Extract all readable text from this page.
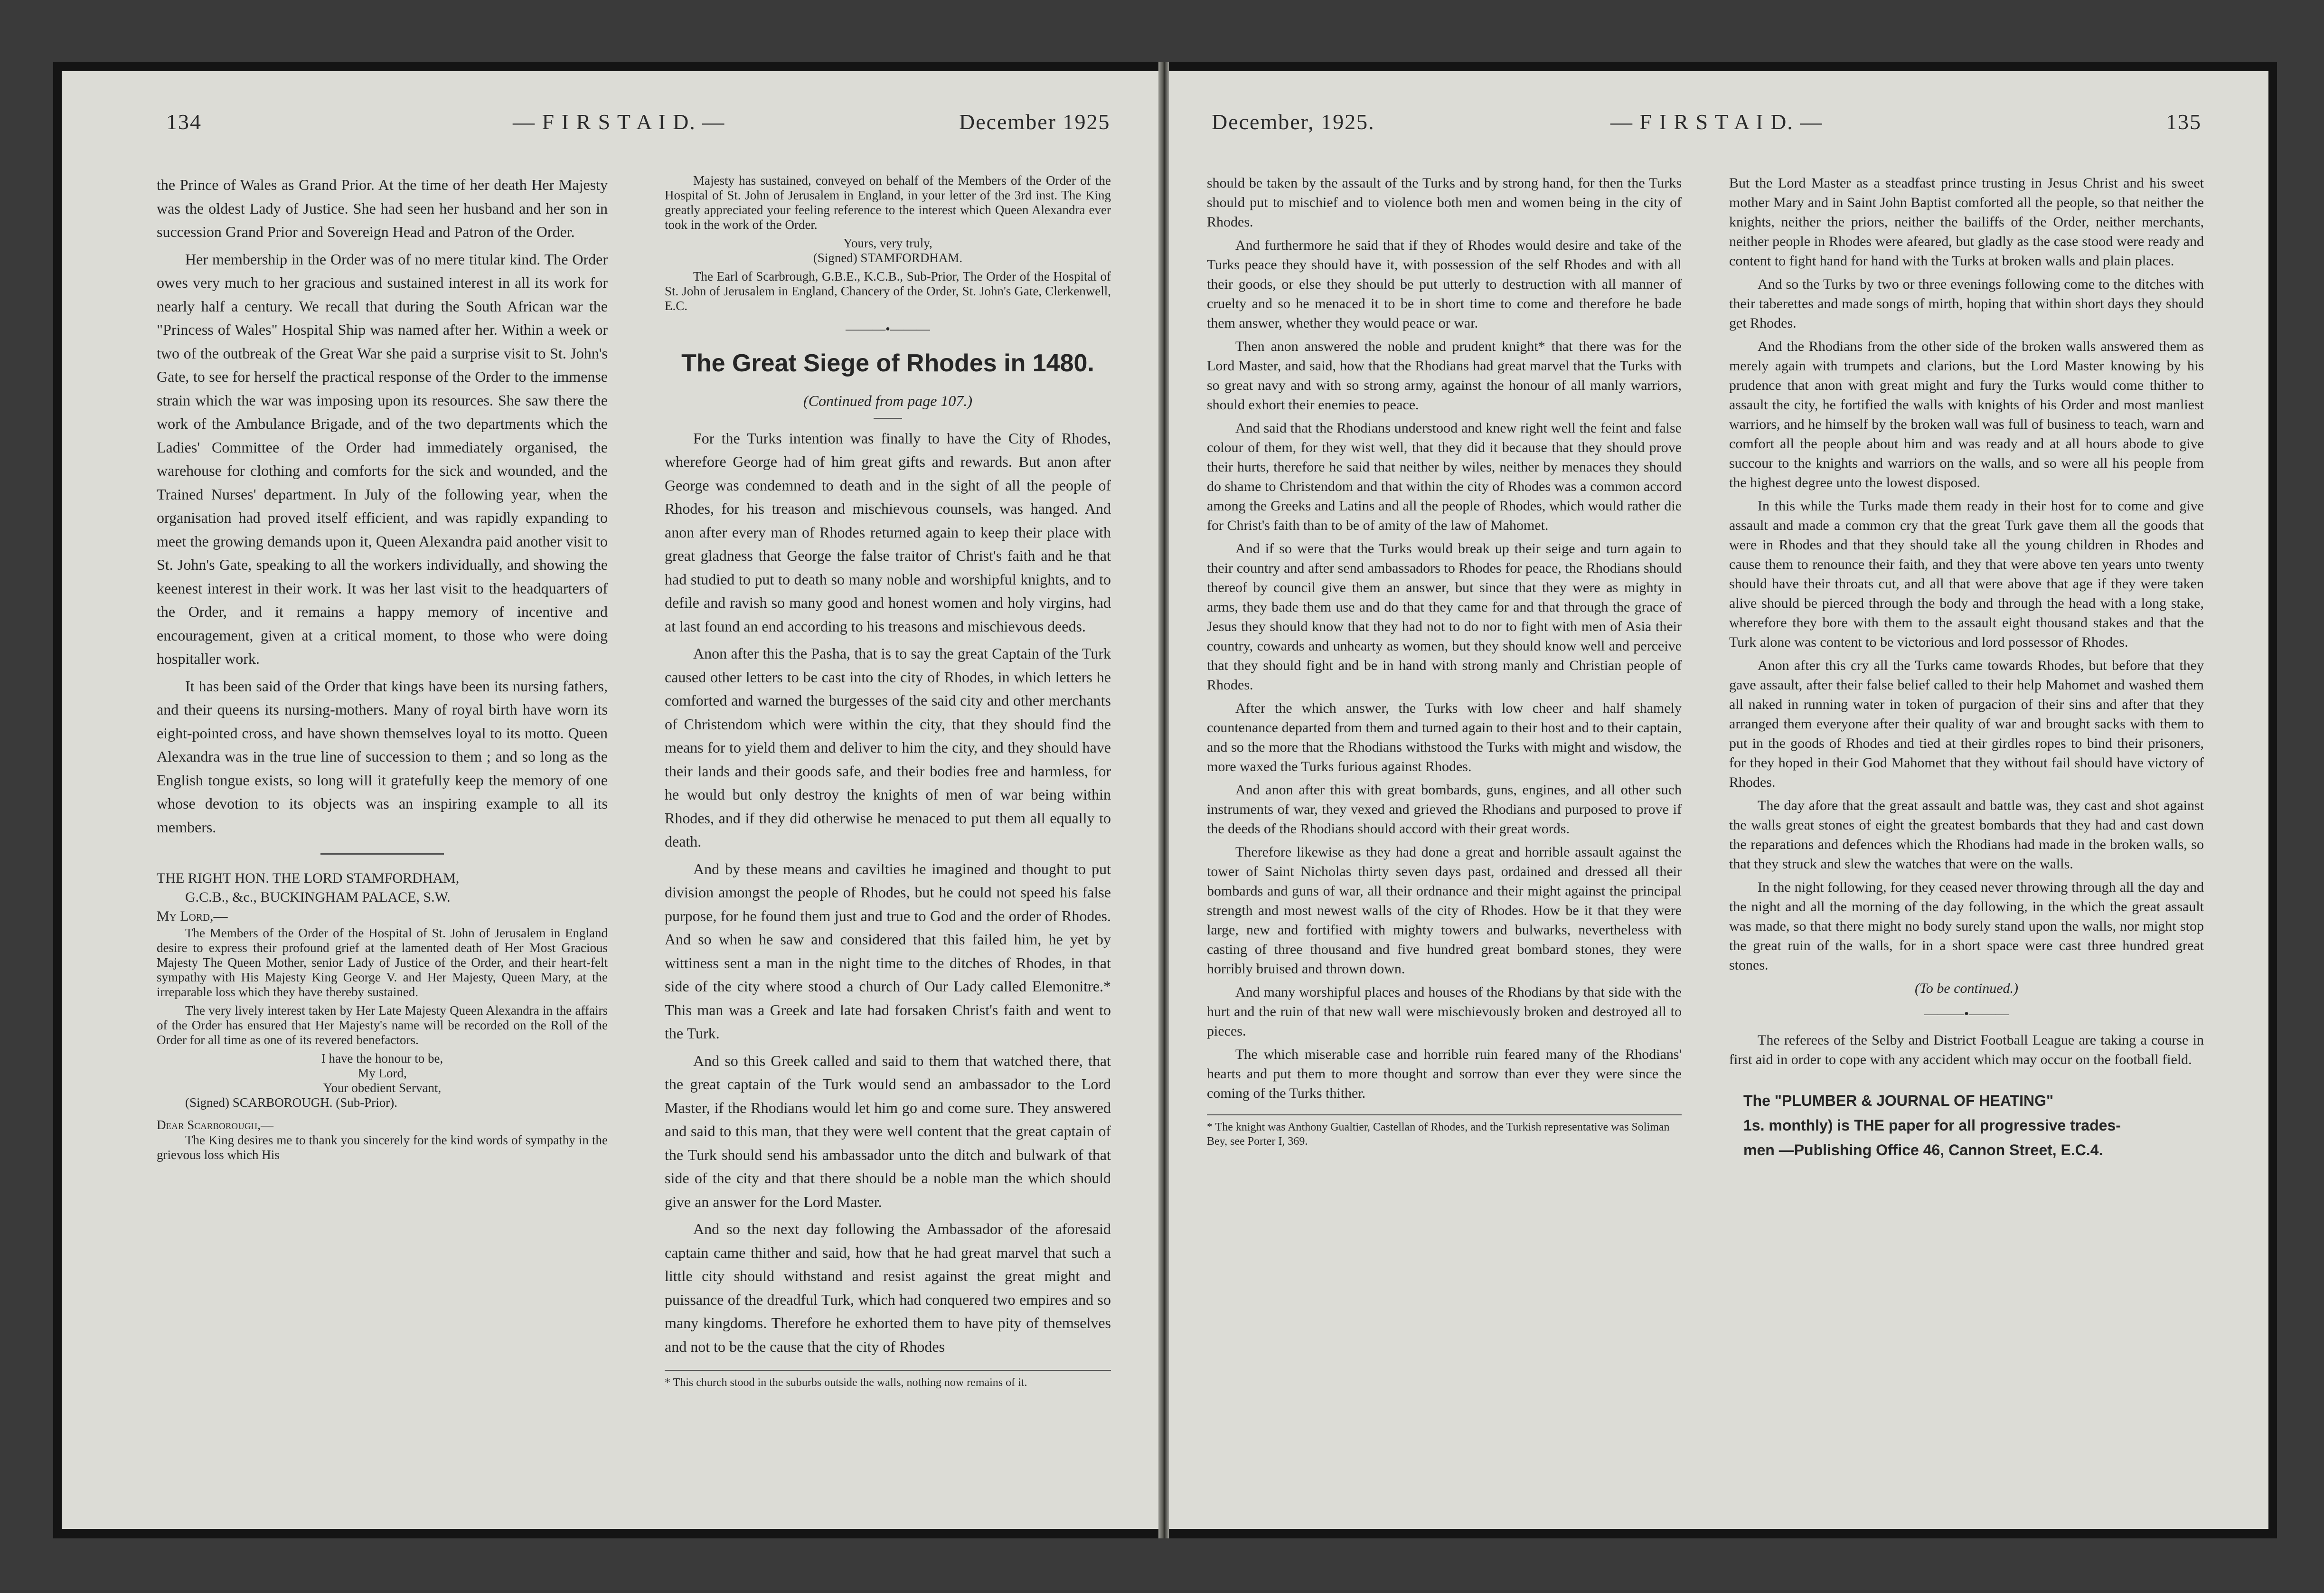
134	— F I R S T A I D. —	December 1925

the Prince of Wales as Grand Prior. At the time of her death Her Majesty was the oldest Lady of Justice. She had seen her husband and her son in succession Grand Prior and Sovereign Head and Patron of the Order.

Her membership in the Order was of no mere titular kind. The Order owes very much to her gracious and sustained interest in all its work for nearly half a century. We recall that during the South African war the "Princess of Wales" Hospital Ship was named after her. Within a week or two of the outbreak of the Great War she paid a surprise visit to St. John's Gate, to see for herself the practical response of the Order to the immense strain which the war was imposing upon its resources. She saw there the work of the Ambulance Brigade, and of the two departments which the Ladies' Committee of the Order had immediately organised, the warehouse for clothing and comforts for the sick and wounded, and the Trained Nurses' department. In July of the following year, when the organisation had proved itself efficient, and was rapidly expanding to meet the growing demands upon it, Queen Alexandra paid another visit to St. John's Gate, speaking to all the workers individually, and showing the keenest interest in their work. It was her last visit to the headquarters of the Order, and it remains a happy memory of incentive and encouragement, given at a critical moment, to those who were doing hospitaller work.

It has been said of the Order that kings have been its nursing fathers, and their queens its nursing-mothers. Many of royal birth have worn its eight-pointed cross, and have shown themselves loyal to its motto. Queen Alexandra was in the true line of succession to them ; and so long as the English tongue exists, so long will it gratefully keep the memory of one whose devotion to its objects was an inspiring example to all its members.

THE RIGHT HON. THE LORD STAMFORDHAM,

G.C.B., &c., BUCKINGHAM PALACE, S.W.

My Lord,—

The Members of the Order of the Hospital of St. John of Jerusalem in England desire to express their profound grief at the lamented death of Her Most Gracious Majesty The Queen Mother, senior Lady of Justice of the Order, and their heart-felt sympathy with His Majesty King George V. and Her Majesty, Queen Mary, at the irreparable loss which they have thereby sustained.

The very lively interest taken by Her Late Majesty Queen Alexandra in the affairs of the Order has ensured that Her Majesty's name will be recorded on the Roll of the Order for all time as one of its revered benefactors.

I have the honour to be,

My Lord,

Your obedient Servant,

(Signed) SCARBOROUGH. (Sub-Prior).

Dear Scarborough,—

The King desires me to thank you sincerely for the kind words of sympathy in the grievous loss which His

Majesty has sustained, conveyed on behalf of the Members of the Order of the Hospital of St. John of Jerusalem in England, in your letter of the 3rd inst. The King greatly appreciated your feeling reference to the interest which Queen Alexandra ever took in the work of the Order.

Yours, very truly,

(Signed) STAMFORDHAM.

The Earl of Scarbrough, G.B.E., K.C.B., Sub-Prior, The Order of the Hospital of St. John of Jerusalem in England, Chancery of the Order, St. John's Gate, Clerkenwell, E.C.

———•———
The Great Siege of Rhodes in 1480.

(Continued from page 107.)

For the Turks intention was finally to have the City of Rhodes, wherefore George had of him great gifts and rewards. But anon after George was condemned to death and in the sight of all the people of Rhodes, for his treason and mischievous counsels, was hanged. And anon after every man of Rhodes returned again to keep their place with great gladness that George the false traitor of Christ's faith and he that had studied to put to death so many noble and worshipful knights, and to defile and ravish so many good and honest women and holy virgins, had at last found an end according to his treasons and mischievous deeds.

Anon after this the Pasha, that is to say the great Captain of the Turk caused other letters to be cast into the city of Rhodes, in which letters he comforted and warned the burgesses of the said city and other merchants of Christendom which were within the city, that they should find the means for to yield them and deliver to him the city, and they should have their lands and their goods safe, and their bodies free and harmless, for he would but only destroy the knights of men of war being within Rhodes, and if they did otherwise he menaced to put them all equally to death.

And by these means and cavilties he imagined and thought to put division amongst the people of Rhodes, but he could not speed his false purpose, for he found them just and true to God and the order of Rhodes. And so when he saw and considered that this failed him, he yet by wittiness sent a man in the night time to the ditches of Rhodes, in that side of the city where stood a church of Our Lady called Elemonitre.* This man was a Greek and late had forsaken Christ's faith and went to the Turk.

And so this Greek called and said to them that watched there, that the great captain of the Turk would send an ambassador to the Lord Master, if the Rhodians would let him go and come sure. They answered and said to this man, that they were well content that the great captain of the Turk should send his ambassador unto the ditch and bulwark of that side of the city and that there should be a noble man the which should give an answer for the Lord Master.

And so the next day following the Ambassador of the aforesaid captain came thither and said, how that he had great marvel that such a little city should withstand and resist against the great might and puissance of the dreadful Turk, which had conquered two empires and so many kingdoms. Therefore he exhorted them to have pity of themselves and not to be the cause that the city of Rhodes

* This church stood in the suburbs outside the walls, nothing now remains of it.
December, 1925.	— F I R S T A I D. —	135

should be taken by the assault of the Turks and by strong hand, for then the Turks should put to mischief and to violence both men and women being in the city of Rhodes.

And furthermore he said that if they of Rhodes would desire and take of the Turks peace they should have it, with possession of the self Rhodes and with all their goods, or else they should be put utterly to destruction with all manner of cruelty and so he menaced it to be in short time to come and therefore he bade them answer, whether they would peace or war.

Then anon answered the noble and prudent knight* that there was for the Lord Master, and said, how that the Rhodians had great marvel that the Turks with so great navy and with so strong army, against the honour of all manly warriors, should exhort their enemies to peace.

And said that the Rhodians understood and knew right well the feint and false colour of them, for they wist well, that they did it because that they should prove their hurts, therefore he said that neither by wiles, neither by menaces they should do shame to Christendom and that within the city of Rhodes was a common accord among the Greeks and Latins and all the people of Rhodes, which would rather die for Christ's faith than to be of amity of the law of Mahomet.

And if so were that the Turks would break up their seige and turn again to their country and after send ambassadors to Rhodes for peace, the Rhodians should thereof by council give them an answer, but since that they were as mighty in arms, they bade them use and do that they came for and that through the grace of Jesus they should know that they had not to do nor to fight with men of Asia their country, cowards and unhearty as women, but they should know well and perceive that they should fight and be in hand with strong manly and Christian people of Rhodes.

After the which answer, the Turks with low cheer and half shamely countenance departed from them and turned again to their host and to their captain, and so the more that the Rhodians withstood the Turks with might and wisdow, the more waxed the Turks furious against Rhodes.

And anon after this with great bombards, guns, engines, and all other such instruments of war, they vexed and grieved the Rhodians and purposed to prove if the deeds of the Rhodians should accord with their great words.

Therefore likewise as they had done a great and horrible assault against the tower of Saint Nicholas thirty seven days past, ordained and dressed all their bombards and guns of war, all their ordnance and their might against the principal strength and most newest walls of the city of Rhodes. How be it that they were large, new and fortified with mighty towers and bulwarks, nevertheless with casting of three thousand and five hundred great bombard stones, they were horribly bruised and thrown down.

And many worshipful places and houses of the Rhodians by that side with the hurt and the ruin of that new wall were mischievously broken and destroyed all to pieces.

The which miserable case and horrible ruin feared many of the Rhodians' hearts and put them to more thought and sorrow than ever they were since the coming of the Turks thither.

* The knight was Anthony Gualtier, Castellan of Rhodes, and the Turkish representative was Soliman Bey, see Porter I, 369.

But the Lord Master as a steadfast prince trusting in Jesus Christ and his sweet mother Mary and in Saint John Baptist comforted all the people, so that neither the knights, neither the priors, neither the bailiffs of the Order, neither merchants, neither people in Rhodes were afeared, but gladly as the case stood were ready and content to fight hand for hand with the Turks at broken walls and plain places.

And so the Turks by two or three evenings following come to the ditches with their taberettes and made songs of mirth, hoping that within short days they should get Rhodes.

And the Rhodians from the other side of the broken walls answered them as merely again with trumpets and clarions, but the Lord Master knowing by his prudence that anon with great might and fury the Turks would come thither to assault the city, he fortified the walls with knights of his Order and most manliest warriors, and he himself by the broken wall was full of business to teach, warn and comfort all the people about him and was ready and at all hours abode to give succour to the knights and warriors on the walls, and so were all his people from the highest degree unto the lowest disposed.

In this while the Turks made them ready in their host for to come and give assault and made a common cry that the great Turk gave them all the goods that were in Rhodes and that they should take all the young children in Rhodes and cause them to renounce their faith, and they that were above ten years unto twenty should have their throats cut, and all that were above that age if they were taken alive should be pierced through the body and through the head with a long stake, wherefore they bore with them to the assault eight thousand stakes and that the Turk alone was content to be victorious and lord possessor of Rhodes.

Anon after this cry all the Turks came towards Rhodes, but before that they gave assault, after their false belief called to their help Mahomet and washed them all naked in running water in token of purgacion of their sins and after that they arranged them everyone after their quality of war and brought sacks with them to put in the goods of Rhodes and tied at their girdles ropes to bind their prisoners, for they hoped in their God Mahomet that they without fail should have victory of Rhodes.

The day afore that the great assault and battle was, they cast and shot against the walls great stones of eight the greatest bombards that they had and cast down the reparations and defences which the Rhodians had made in the broken walls, so that they struck and slew the watches that were on the walls.

In the night following, for they ceased never throwing through all the day and the night and all the morning of the day following, in the which the great assault was made, so that there might no body surely stand upon the walls, nor might stop the great ruin of the walls, for in a short space were cast three hundred great stones.

(To be continued.)

———•———

The referees of the Selby and District Football League are taking a course in first aid in order to cope with any accident which may occur on the football field.

The "PLUMBER & JOURNAL OF HEATING"
1s. monthly) is THE paper for all progressive trades-
men —Publishing Office 46, Cannon Street, E.C.4.
